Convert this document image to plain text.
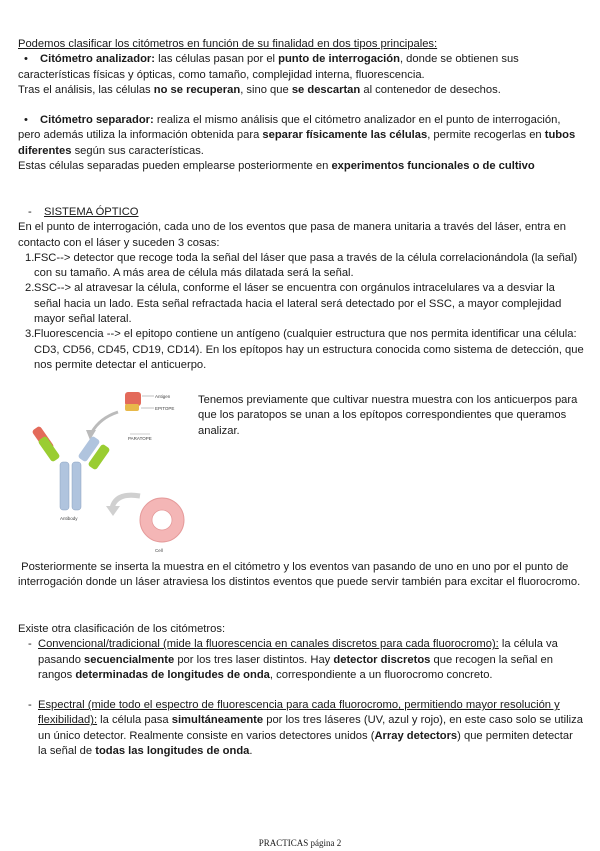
Podemos clasificar los citómetros en función de su finalidad en dos tipos principales:
• Citómetro analizador: las células pasan por el punto de interrogación, donde se obtienen sus características físicas y ópticas, como tamaño, complejidad interna, fluorescencia.
Tras el análisis, las células no se recuperan, sino que se descartan al contenedor de desechos.
• Citómetro separador: realiza el mismo análisis que el citómetro analizador en el punto de interrogación, pero además utiliza la información obtenida para separar físicamente las células, permite recogerlas en tubos diferentes según sus características.
Estas células separadas pueden emplearse posteriormente en experimentos funcionales o de cultivo
- SISTEMA ÓPTICO
En el punto de interrogación, cada uno de los eventos que pasa de manera unitaria a través del láser, entra en contacto con el láser y suceden 3 cosas:
1. FSC--> detector que recoge toda la señal del láser que pasa a través de la célula correlacionándola (la señal) con su tamaño. A más area de célula más dilatada será la señal.
2. SSC--> al atravesar la célula, conforme el láser se encuentra con orgánulos intracelulares va a desviar la señal hacia un lado. Esta señal refractada hacia el lateral será detectado por el SSC, a mayor complejidad mayor señal lateral.
3. Fluorescencia --> el epitopo contiene un antígeno (cualquier estructura que nos permita identificar una célula: CD3, CD56, CD45, CD19, CD14). En los epítopos hay un estructura conocida como sistema de detección, que nos permite detectar el anticuerpo.
Antigen
EPITOPE
PARATOPE
Antibody
Cell
Tenemos previamente que cultivar nuestra muestra con los anticuerpos para que los paratopos se unan a los epítopos correspondientes que queramos analizar.
Posteriormente se inserta la muestra en el citómetro y los eventos van pasando de uno en uno por el punto de interrogación donde un láser atraviesa los distintos eventos que puede servir también para excitar el fluorocromo.
Existe otra clasificación de los citómetros:
- Convencional/tradicional (mide la fluorescencia en canales discretos para cada fluorocromo): la célula va pasando secuencialmente por los tres laser distintos. Hay detector discretos que recogen la señal en rangos determinadas de longitudes de onda, correspondiente a un fluorocromo concreto.
- Espectral (mide todo el espectro de fluorescencia para cada fluorocromo, permitiendo mayor resolución y flexibilidad): la célula pasa simultáneamente por los tres láseres (UV, azul y rojo), en este caso solo se utiliza un único detector. Realmente consiste en varios detectores unidos (Array detectors) que permiten detectar la señal de todas las longitudes de onda.
PRACTICAS página 2
